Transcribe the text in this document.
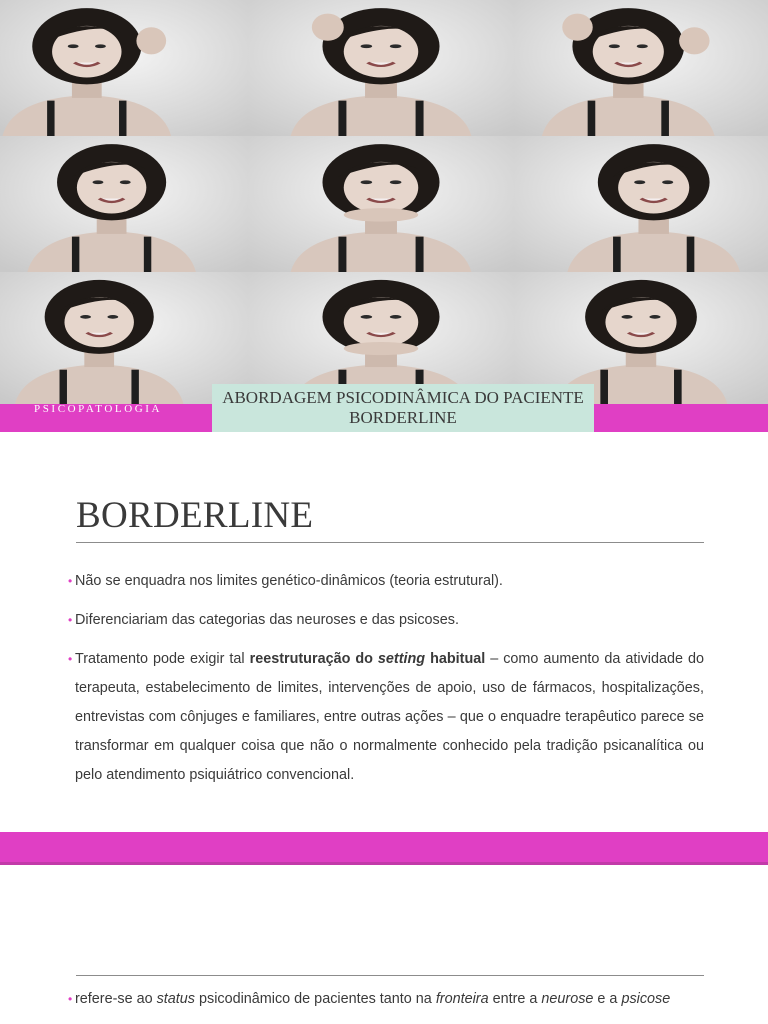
PSICOPATOLOGIA
ABORDAGEM PSICODINÂMICA DO PACIENTE
BORDERLINE
BORDERLINE
• Não se enquadra nos limites genético-dinâmicos (teoria estrutural).
• Diferenciariam das categorias das neuroses e das psicoses.
• Tratamento pode exigir tal reestruturação do setting habitual – como aumento da atividade do terapeuta, estabelecimento de limites, intervenções de apoio, uso de fármacos, hospitalizações, entrevistas com cônjuges e familiares, entre outras ações – que o enquadre terapêutico parece se transformar em qualquer coisa que não o normalmente conhecido pela tradição psicanalítica ou pelo atendimento psiquiátrico convencional.
• refere-se ao status psicodinâmico de pacientes tanto na fronteira entre a neurose e a psicose
